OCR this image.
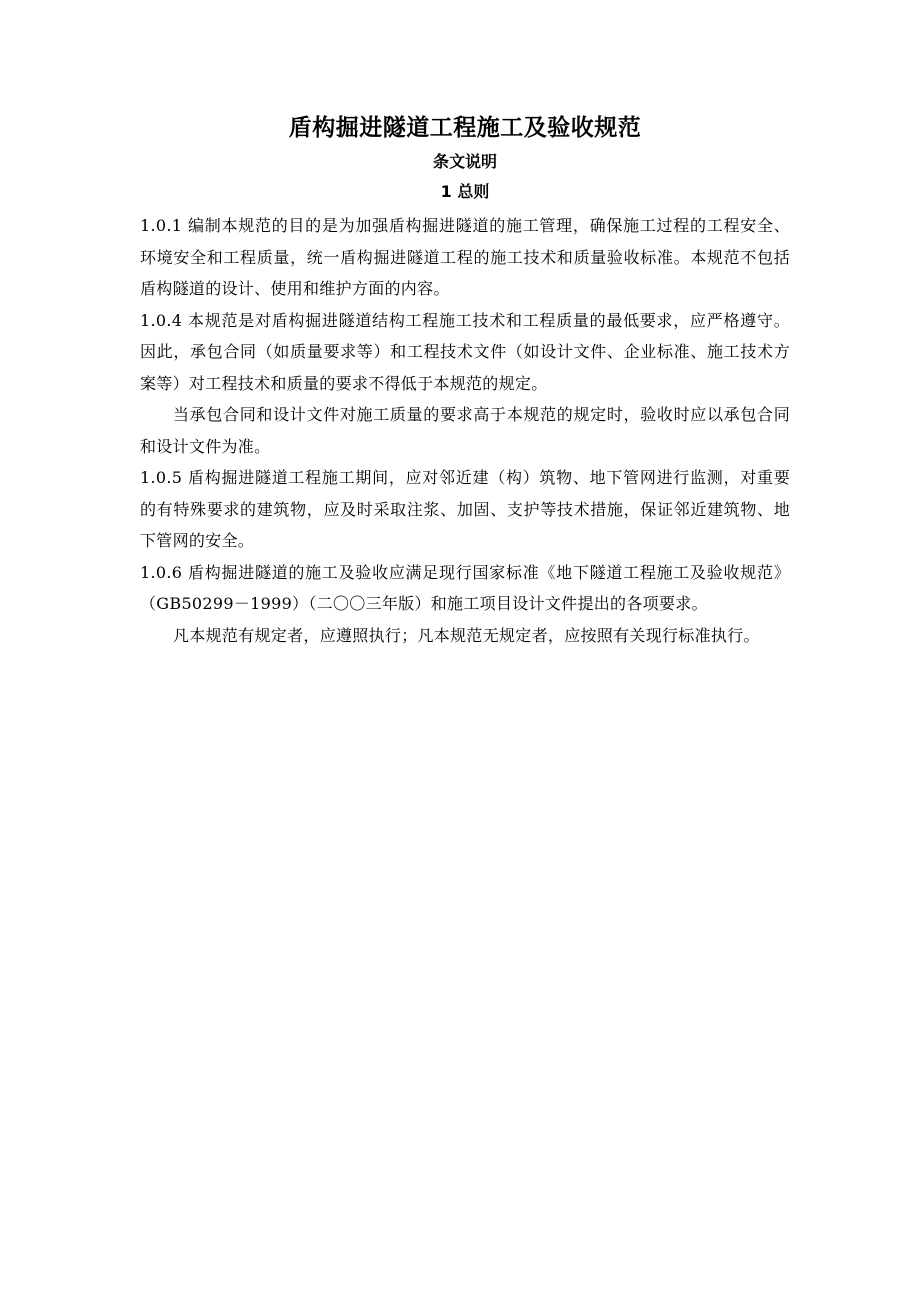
盾构掘进隧道工程施工及验收规范
条文说明
1 总则

1.0.1 编制本规范的目的是为加强盾构掘进隧道的施工管理，确保施工过程的工程安全、环境安全和工程质量，统一盾构掘进隧道工程的施工技术和质量验收标准。本规范不包括盾构隧道的设计、使用和维护方面的内容。

1.0.4 本规范是对盾构掘进隧道结构工程施工技术和工程质量的最低要求，应严格遵守。因此，承包合同（如质量要求等）和工程技术文件（如设计文件、企业标准、施工技术方案等）对工程技术和质量的要求不得低于本规范的规定。

当承包合同和设计文件对施工质量的要求高于本规范的规定时，验收时应以承包合同和设计文件为准。

1.0.5 盾构掘进隧道工程施工期间，应对邻近建（构）筑物、地下管网进行监测，对重要的有特殊要求的建筑物，应及时采取注浆、加固、支护等技术措施，保证邻近建筑物、地下管网的安全。

1.0.6 盾构掘进隧道的施工及验收应满足现行国家标准《地下隧道工程施工及验收规范》（GB50299－1999）（二〇〇三年版）和施工项目设计文件提出的各项要求。

凡本规范有规定者，应遵照执行；凡本规范无规定者，应按照有关现行标准执行。
